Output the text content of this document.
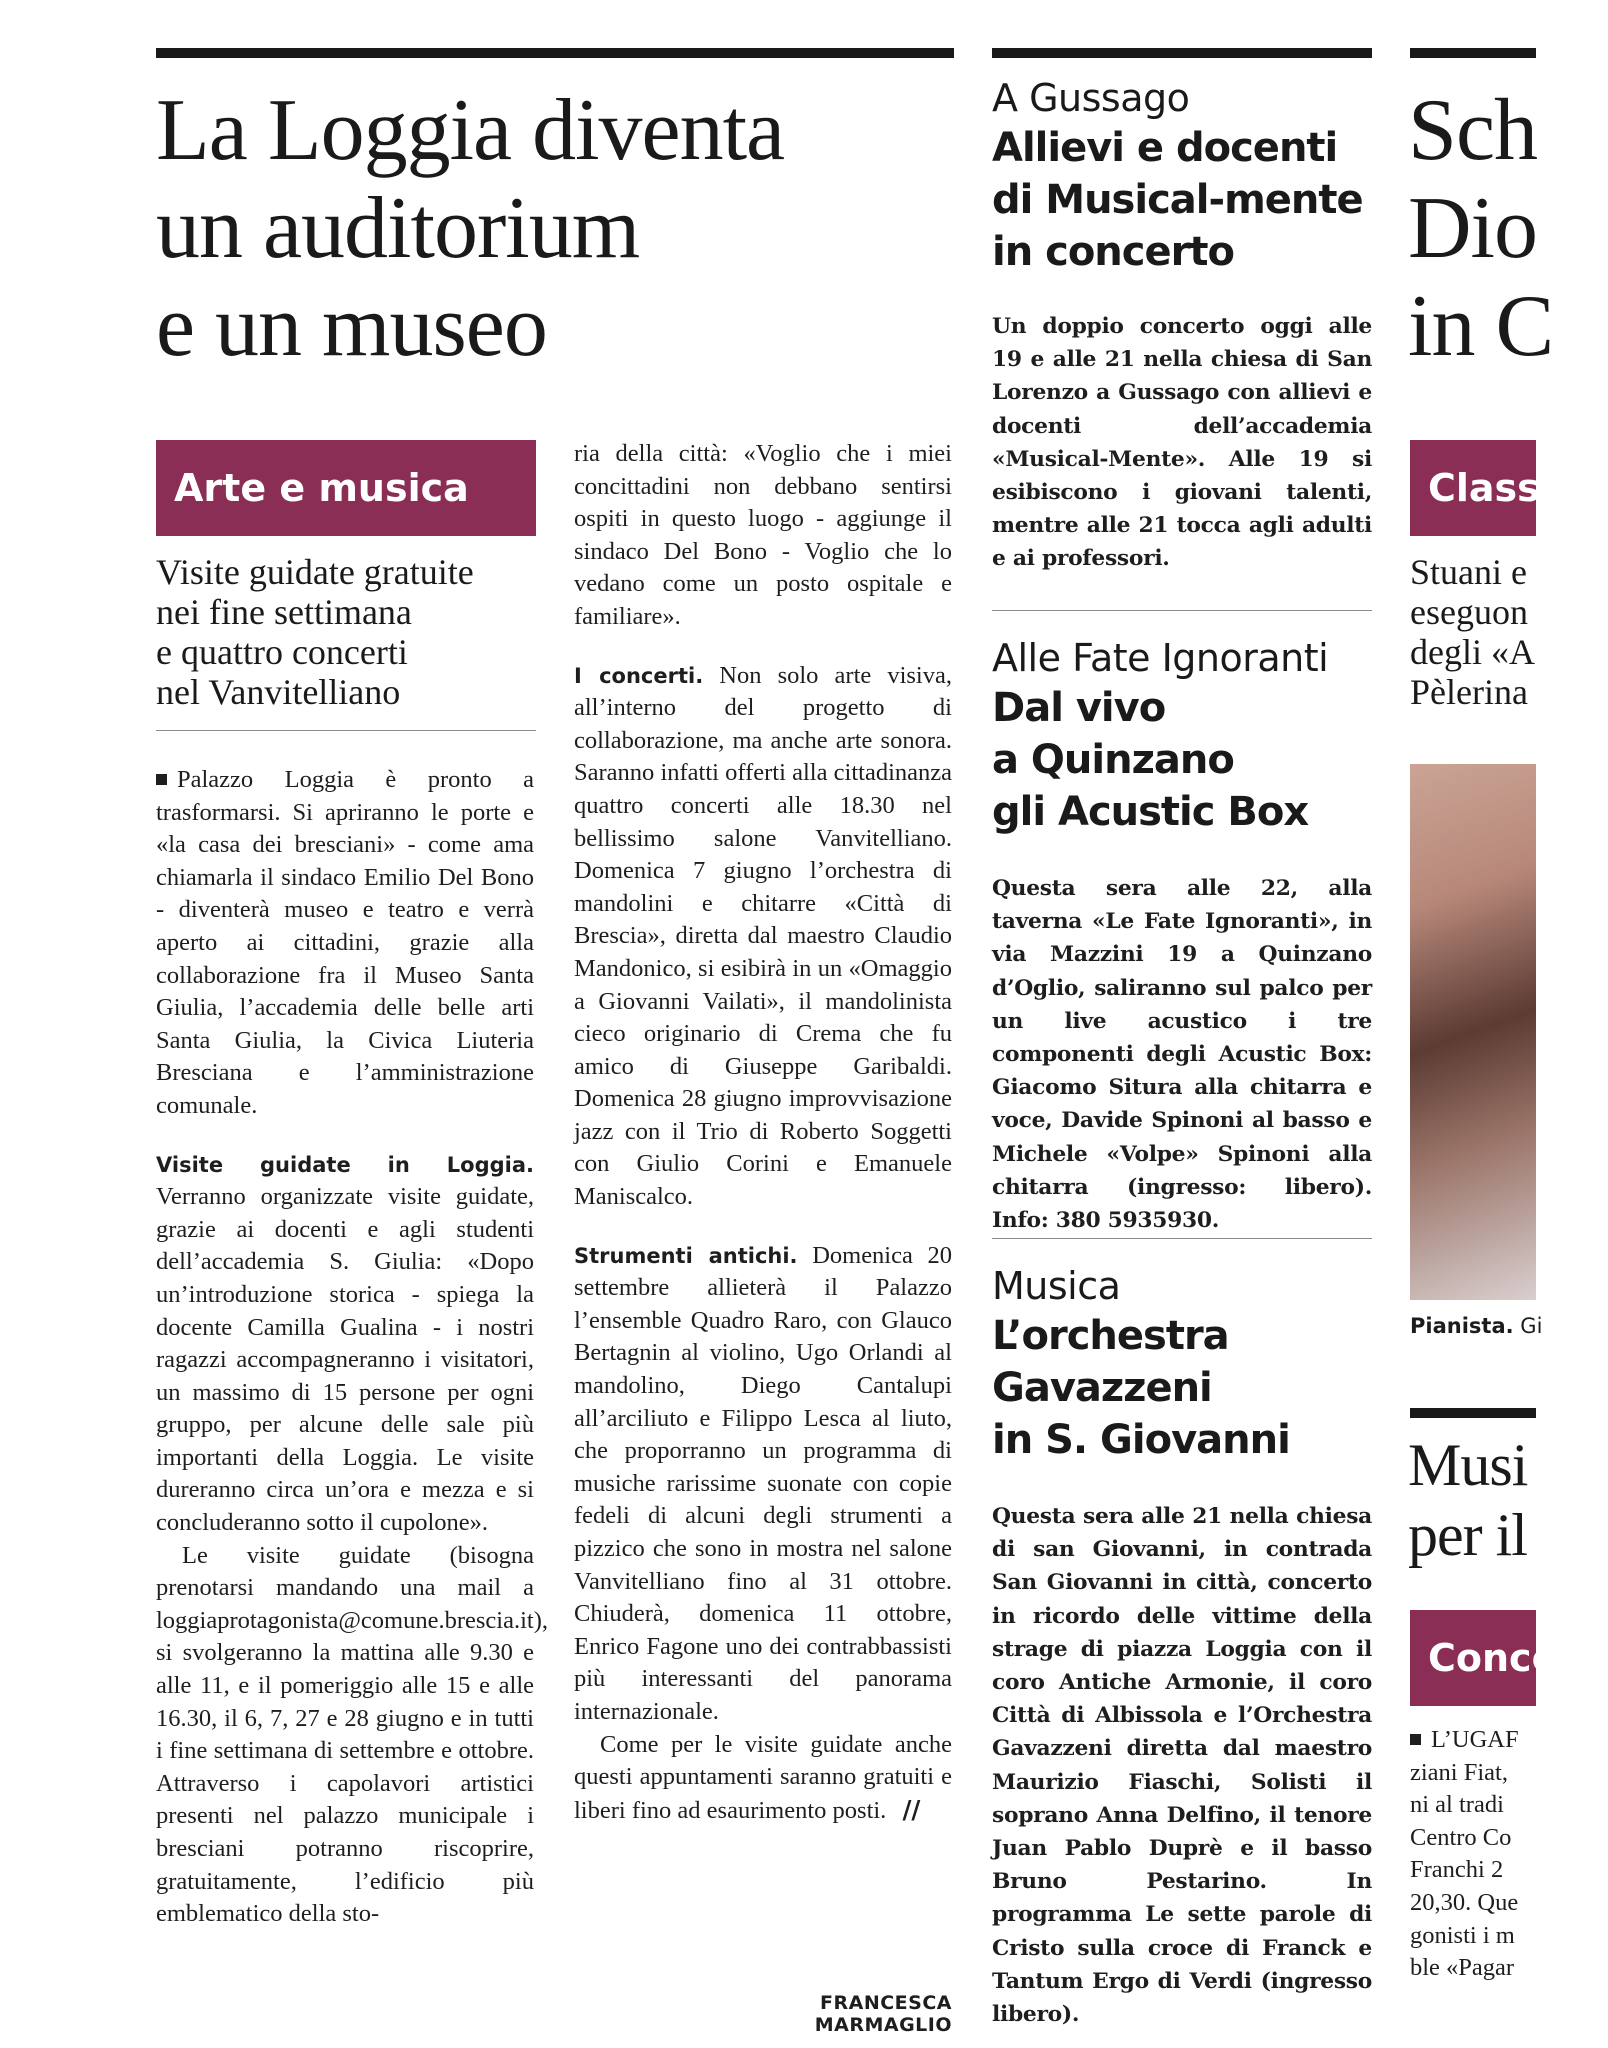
La Loggia diventa
un auditorium
e un museo
Arte e musica
Visite guidate gratuite
nei fine settimana
e quattro concerti
nel Vanvitelliano

Palazzo Loggia è pronto a trasformarsi. Si apriranno le porte e «la casa dei bresciani» - come ama chiamarla il sindaco Emilio Del Bono - diventerà museo e teatro e verrà aperto ai cittadini, grazie alla collaborazione fra il Museo Santa Giulia, l’accademia delle belle arti Santa Giulia, la Civica Liuteria Bresciana e l’amministrazione comunale.

Visite guidate in Loggia. Verranno organizzate visite guidate, grazie ai docenti e agli studenti dell’accademia S. Giulia: «Dopo un’introduzione storica - spiega la docente Camilla Gualina - i nostri ragazzi accompagneranno i visitatori, un massimo di 15 persone per ogni gruppo, per alcune delle sale più importanti della Loggia. Le visite dureranno circa un’ora e mezza e si concluderanno sotto il cupolone».

Le visite guidate (bisogna prenotarsi mandando una mail a loggiaprotagonista@comune.brescia.it), si svolgeranno la mattina alle 9.30 e alle 11, e il pomeriggio alle 15 e alle 16.30, il 6, 7, 27 e 28 giugno e in tutti i fine settimana di settembre e ottobre. Attraverso i capolavori artistici presenti nel palazzo municipale i bresciani potranno riscoprire, gratuitamente, l’edificio più emblematico della sto-

ria della città: «Voglio che i miei concittadini non debbano sentirsi ospiti in questo luogo - aggiunge il sindaco Del Bono - Voglio che lo vedano come un posto ospitale e familiare».

I concerti. Non solo arte visiva, all’interno del progetto di collaborazione, ma anche arte sonora. Saranno infatti offerti alla cittadinanza quattro concerti alle 18.30 nel bellissimo salone Vanvitelliano. Domenica 7 giugno l’orchestra di mandolini e chitarre «Città di Brescia», diretta dal maestro Claudio Mandonico, si esibirà in un «Omaggio a Giovanni Vailati», il mandolinista cieco originario di Crema che fu amico di Giuseppe Garibaldi. Domenica 28 giugno improvvisazione jazz con il Trio di Roberto Soggetti con Giulio Corini e Emanuele Maniscalco.

Strumenti antichi. Domenica 20 settembre allieterà il Palazzo l’ensemble Quadro Raro, con Glauco Bertagnin al violino, Ugo Orlandi al mandolino, Diego Cantalupi all’arciliuto e Filippo Lesca al liuto, che proporranno un programma di musiche rarissime suonate con copie fedeli di alcuni degli strumenti a pizzico che sono in mostra nel salone Vanvitelliano fino al 31 ottobre. Chiuderà, domenica 11 ottobre, Enrico Fagone uno dei contrabbassisti più interessanti del panorama internazionale.

Come per le visite guidate anche questi appuntamenti saranno gratuiti e liberi fino ad esaurimento posti. //

FRANCESCA MARMAGLIO
A Gussago
Allievi e docenti
di Musical-mente
in concerto
Un doppio concerto oggi alle 19 e alle 21 nella chiesa di San Lorenzo a Gussago con allievi e docenti dell’accademia «Musical-Mente». Alle 19 si esibiscono i giovani talenti, mentre alle 21 tocca agli adulti e ai professori.
Alle Fate Ignoranti
Dal vivo
a Quinzano
gli Acustic Box
Questa sera alle 22, alla taverna «Le Fate Ignoranti», in via Mazzini 19 a Quinzano d’Oglio, saliranno sul palco per un live acustico i tre componenti degli Acustic Box: Giacomo Situra alla chitarra e voce, Davide Spinoni al basso e Michele «Volpe» Spinoni alla chitarra (ingresso: libero). Info: 380 5935930.
Musica
L’orchestra
Gavazzeni
in S. Giovanni
Questa sera alle 21 nella chiesa di san Giovanni, in contrada San Giovanni in città, concerto in ricordo delle vittime della strage di piazza Loggia con il coro Antiche Armonie, il coro Città di Albissola e l’Orchestra Gavazzeni diretta dal maestro Maurizio Fiaschi, Solisti il soprano Anna Delfino, il tenore Juan Pablo Duprè e il basso Bruno Pestarino. In programma Le sette parole di Cristo sulla croce di Franck e Tantum Ergo di Verdi (ingresso libero).
Sch
Dio
in C
Classi
Stuani e
eseguon
degli «A
Pèlerina
Pianista. Gi
Musi
per il
Conce
L’UGAF
ziani Fiat,
ni al tradi
Centro Co
Franchi 2
20,30. Que
gonisti i m
ble «Pagar
